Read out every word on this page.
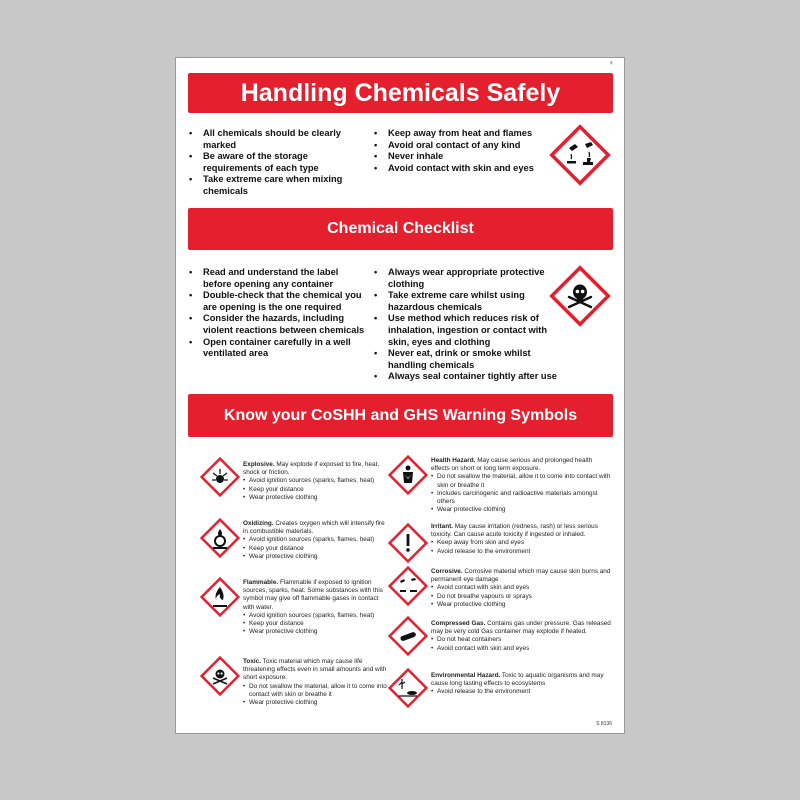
♀
Handling Chemicals Safely
• All chemicals should be clearly marked
• Be aware of the storage requirements of each type
• Take extreme care when mixing chemicals
• Keep away from heat and flames
• Avoid oral contact of any kind
• Never inhale
• Avoid contact with skin and eyes
Chemical Checklist
• Read and understand the label before opening any container
• Double-check that the chemical you are opening is the one required
• Consider the hazards, including violent reactions between chemicals
• Open container carefully in a well ventilated area
• Always wear appropriate protective clothing
• Take extreme care whilst using hazardous chemicals
• Use method which reduces risk of inhalation, ingestion or contact with skin, eyes and clothing
• Never eat, drink or smoke whilst handling chemicals
• Always seal container tightly after use
Know your CoSHH and GHS Warning Symbols
Explosive. May explode if exposed to fire, heat, shock or friction.
• Avoid ignition sources (sparks, flames, heat)
• Keep your distance
• Wear protective clothing
Oxidizing. Creates oxygen which will intensify fire in combustible materials.
• Avoid ignition sources (sparks, flames, heat)
• Keep your distance
• Wear protective clothing
Flammable. Flammable if exposed to ignition sources, sparks, heat. Some substances with this symbol may give off flammable gases in contact with water.
• Avoid ignition sources (sparks, flames, heat)
• Keep your distance
• Wear protective clothing
Toxic. Toxic material which may cause life threatening effects even in small amounts and with short exposure.
• Do not swallow the material, allow it to come into contact with skin or breathe it
• Wear protective clothing
Health Hazard. May cause serious and prolonged health effects on short or long term exposure.
• Do not swallow the material, allow it to come into contact with skin or breathe it
• Includes carcinogenic and radioactive materials amongst others
• Wear protective clothing
Irritant. May cause irritation (redness, rash) or less serious toxicity. Can cause acute toxicity if ingested or inhaled.
• Keep away from skin and eyes
• Avoid release to the environment
Corrosive. Corrosive material which may cause skin burns and permanent eye damage
• Avoid contact with skin and eyes
• Do not breathe vapours or sprays
• Wear protective clothing
Compressed Gas. Contains gas under pressure. Gas released may be very cold Gas container may explode if heated.
• Do not heat containers
• Avoid contact with skin and eyes
Environmental Hazard. Toxic to aquatic organisms and may cause long lasting effects to ecosystems
• Avoid release to the environment
S 8136
